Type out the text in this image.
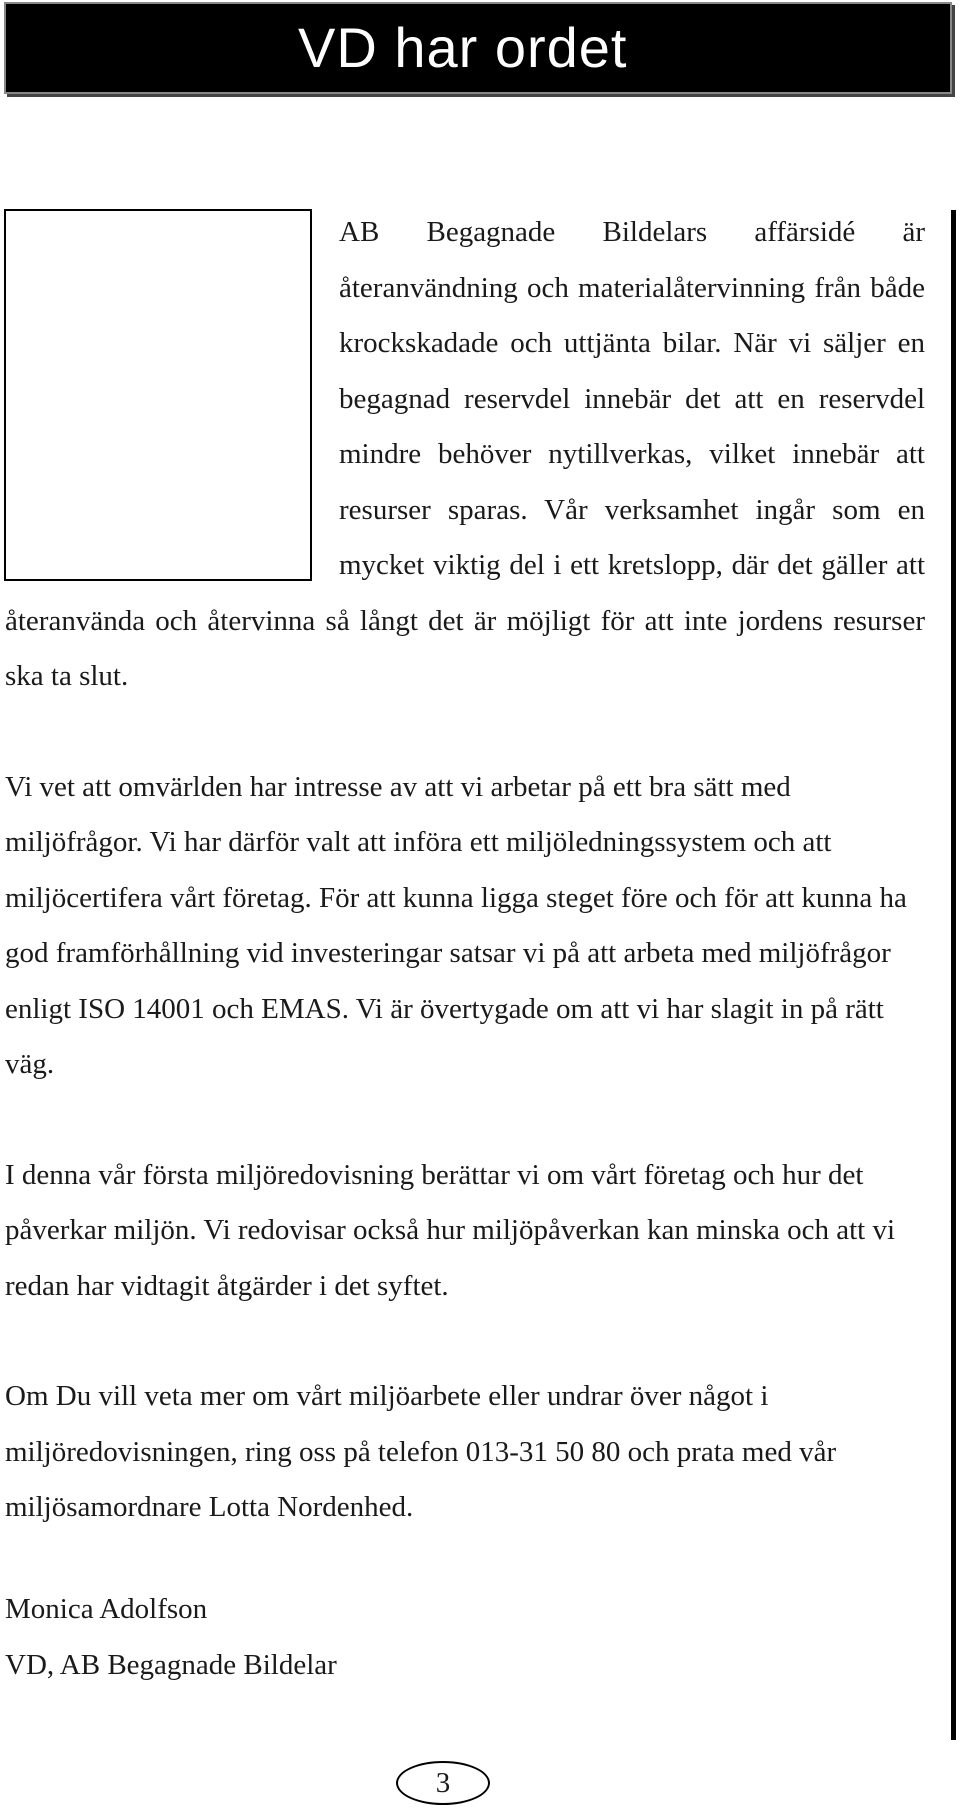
VD har ordet

AB Begagnade Bildelars affärsidé är återanvändning och materialåtervinning från både krockskadade och uttjänta bilar. När vi säljer en begagnad reservdel innebär det att en reservdel mindre behöver nytillverkas, vilket innebär att resurser sparas. Vår verksamhet ingår som en mycket viktig del i ett kretslopp, där det gäller att återanvända och återvinna så långt det är möjligt för att inte jordens resurser ska ta slut.

Vi vet att omvärlden har intresse av att vi arbetar på ett bra sätt med miljöfrågor. Vi har därför valt att införa ett miljöledningssystem och att miljöcertifera vårt företag. För att kunna ligga steget före och för att kunna ha god framförhållning vid investeringar satsar vi på att arbeta med miljöfrågor enligt ISO 14001 och EMAS. Vi är övertygade om att vi har slagit in på rätt väg.

I denna vår första miljöredovisning berättar vi om vårt företag och hur det påverkar miljön. Vi redovisar också hur miljöpåverkan kan minska och att vi redan har vidtagit åtgärder i det syftet.

Om Du vill veta mer om vårt miljöarbete eller undrar över något i miljöredovisningen, ring oss på telefon 013-31 50 80 och prata med vår miljösamordnare Lotta Nordenhed.

Monica Adolfson
VD, AB Begagnade Bildelar
3
